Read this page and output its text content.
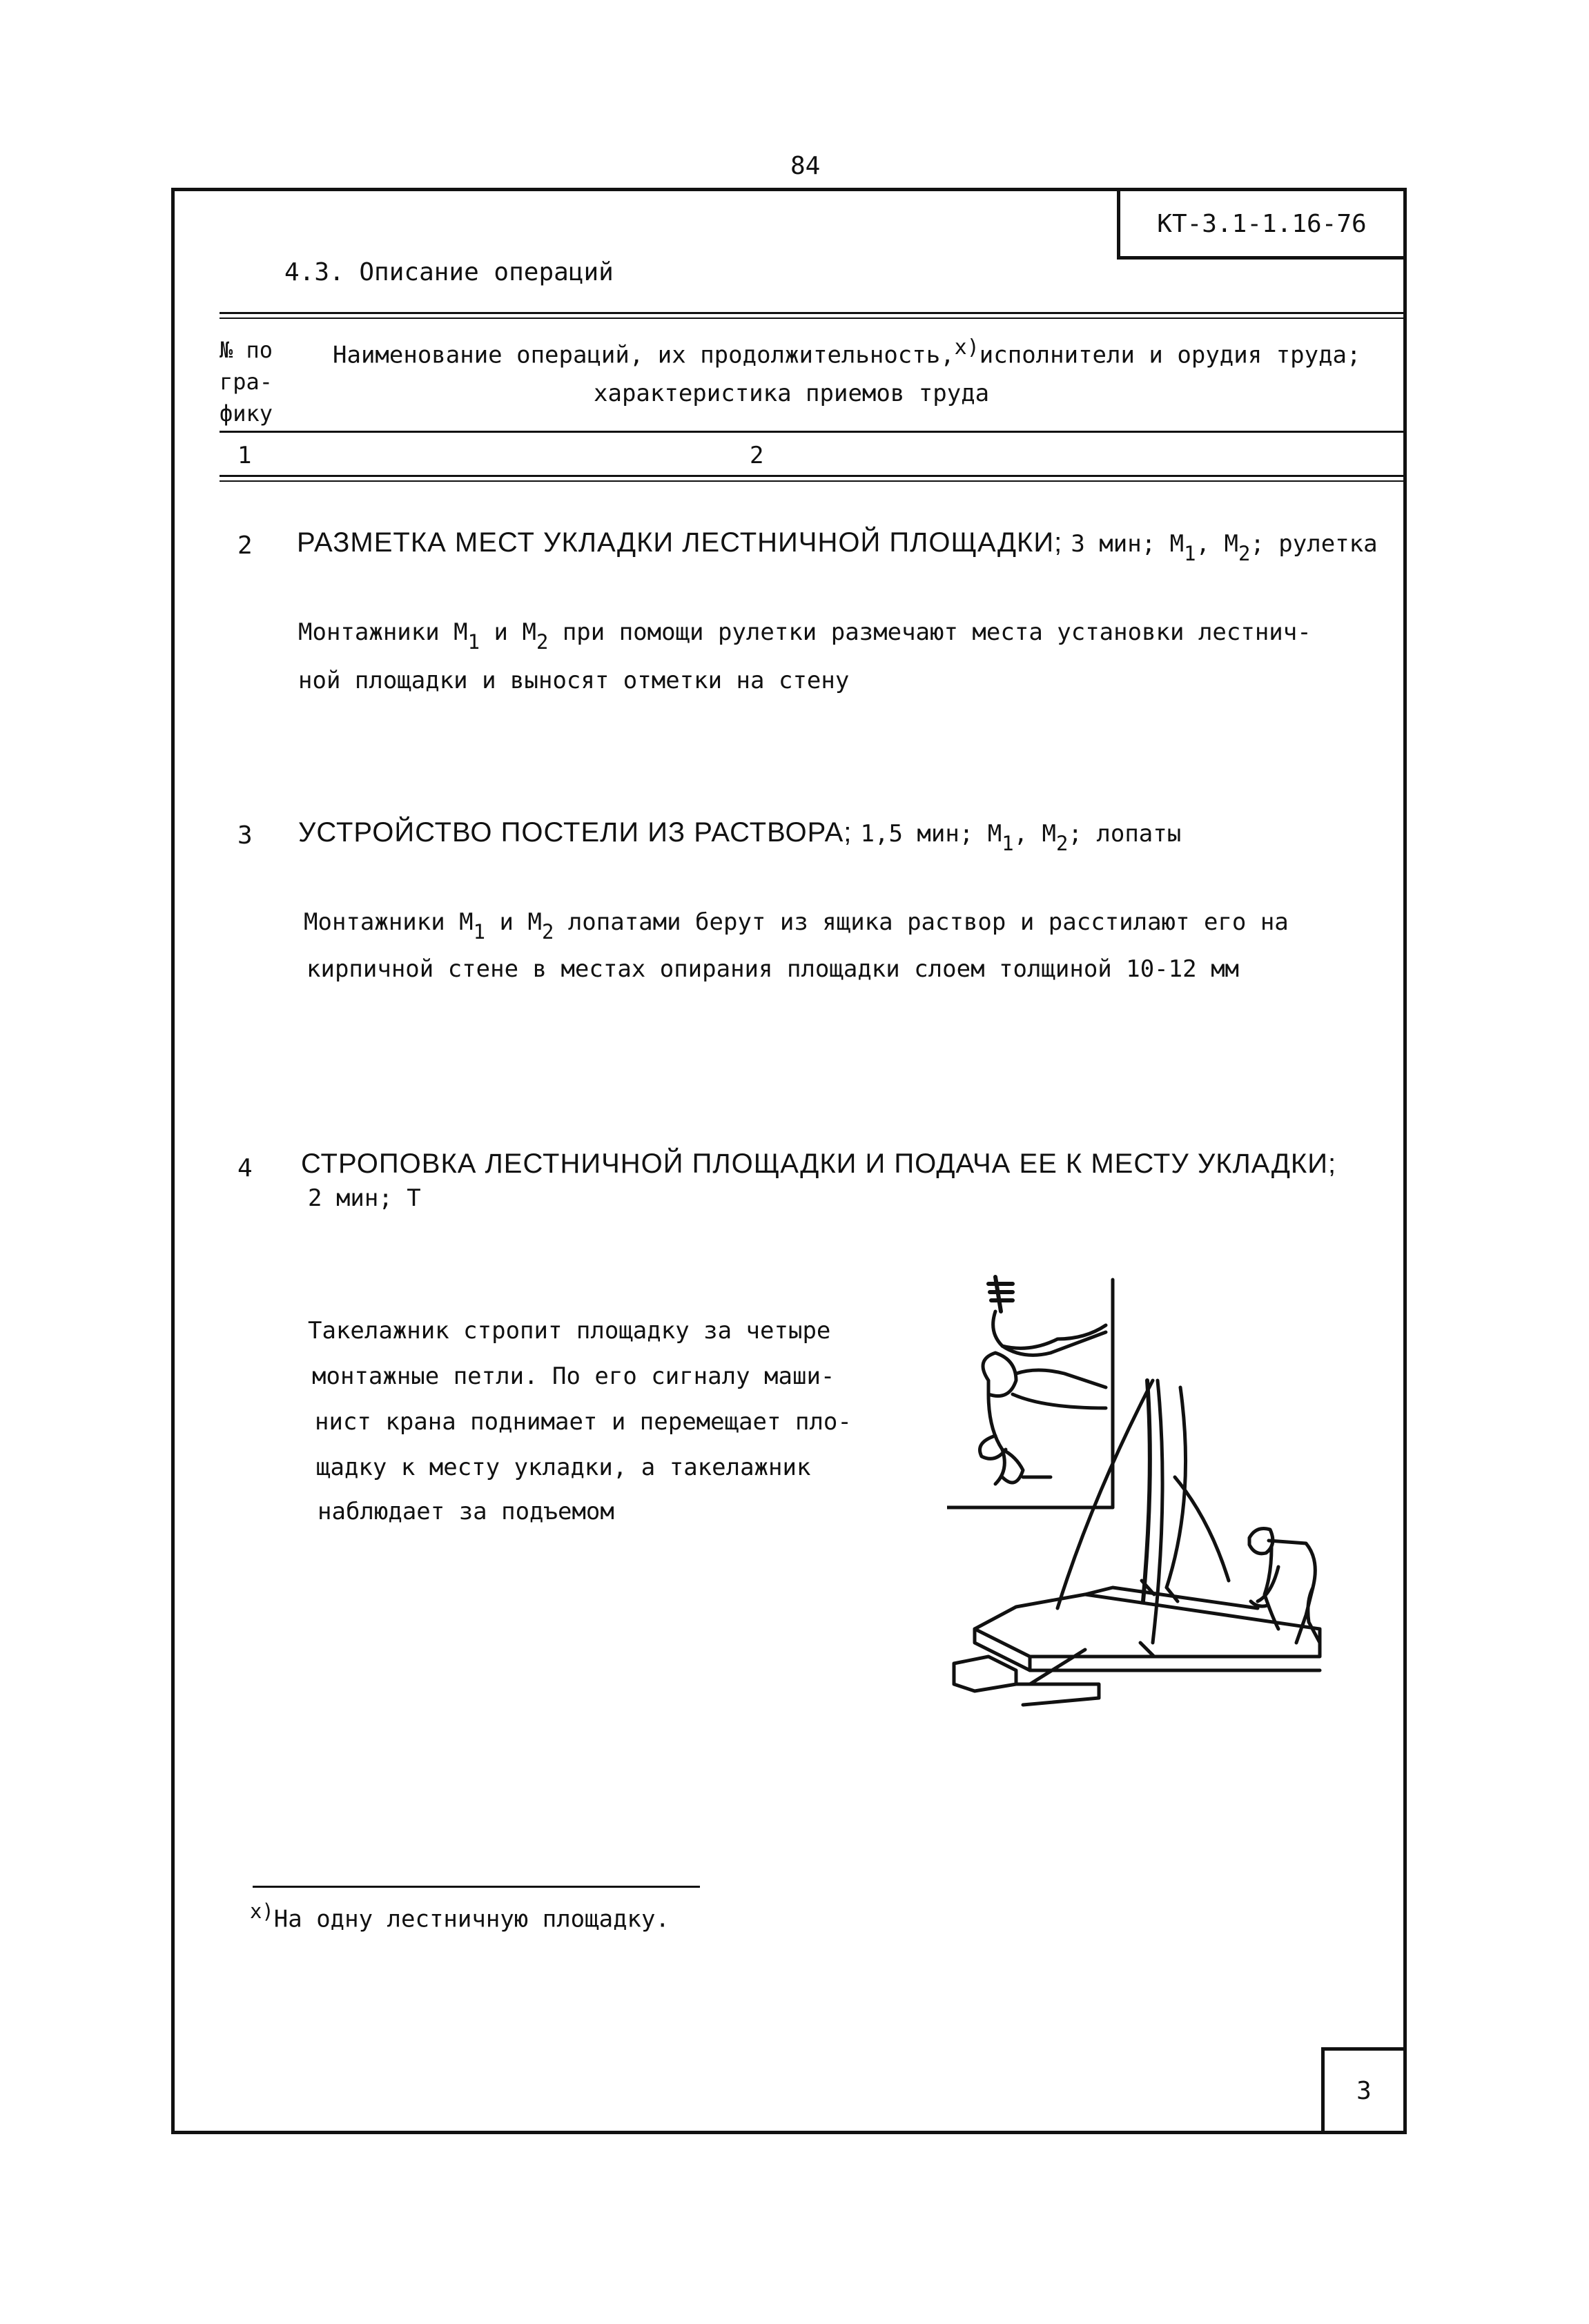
84
КТ-3.1-1.16-76
4.3. Описание операций
№ по гра- фику
Наименование операций, их продолжительность,$^{x)}$исполнители и орудия труда;
характеристика приемов труда
1	2
2 РАЗМЕТКА МЕСТ УКЛАДКИ ЛЕСТНИЧНОЙ ПЛОЩАДКИ; 3 мин; $М_1$, $М_2$; рулетка
Монтажники $М_1$ и $М_2$ при помощи рулетки размечают места установки лестнич-
ной площадки и выносят отметки на стену
3 УСТРОЙСТВО ПОСТЕЛИ ИЗ РАСТВОРА; 1,5 мин; $М_1$, $М_2$; лопаты
Монтажники $М_1$ и $М_2$ лопатами берут из ящика раствор и расстилают его на
кирпичной стене в местах опирания площадки слоем толщиной 10-12 мм
4 СТРОПОВКА ЛЕСТНИЧНОЙ ПЛОЩАДКИ И ПОДАЧА ЕЕ К МЕСТУ УКЛАДКИ;
2 мин; Т
Такелажник стропит площадку за четыре
монтажные петли. По его сигналу маши-
нист крана поднимает и перемещает пло-
щадку к месту укладки, а такелажник
наблюдает за подъемом
$^{x)}$На одну лестничную площадку.
3
